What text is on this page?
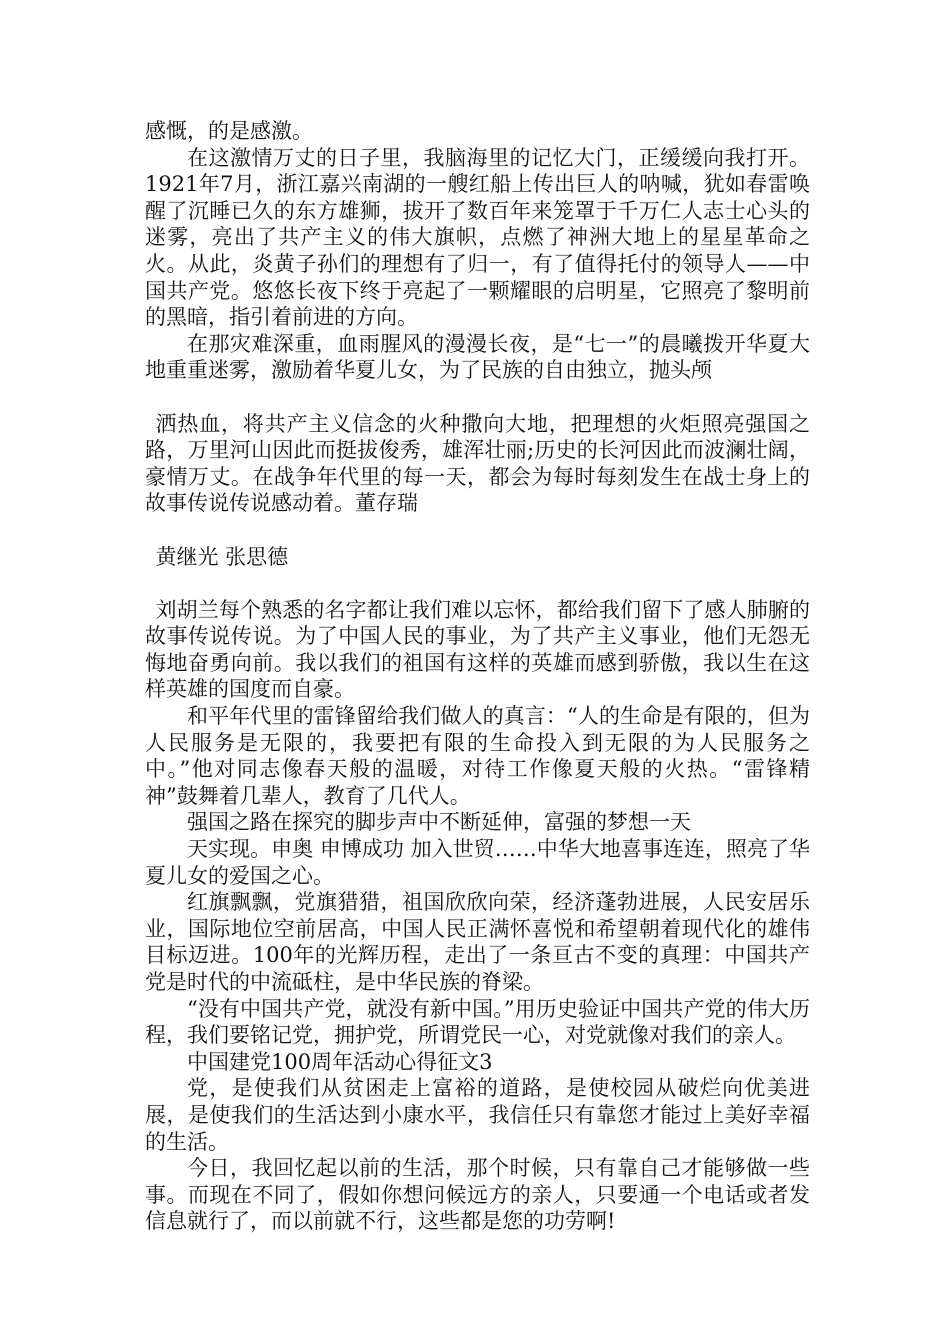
感慨，的是感激。

在这激情万丈的日子里，我脑海里的记忆大门，正缓缓向我打开。1921年7月，浙江嘉兴南湖的一艘红船上传出巨人的呐喊，犹如春雷唤醒了沉睡已久的东方雄狮，拔开了数百年来笼罩于千万仁人志士心头的迷雾，亮出了共产主义的伟大旗帜，点燃了神洲大地上的星星革命之火。从此，炎黄子孙们的理想有了归一，有了值得托付的领导人——中国共产党。悠悠长夜下终于亮起了一颗耀眼的启明星，它照亮了黎明前的黑暗，指引着前进的方向。

在那灾难深重，血雨腥风的漫漫长夜，是“七一”的晨曦拨开华夏大地重重迷雾，激励着华夏儿女，为了民族的自由独立，抛头颅

洒热血，将共产主义信念的火种撒向大地，把理想的火炬照亮强国之路，万里河山因此而挺拔俊秀，雄浑壮丽;历史的长河因此而波澜壮阔，豪情万丈。在战争年代里的每一天，都会为每时每刻发生在战士身上的故事传说传说感动着。董存瑞

黄继光 张思德

刘胡兰每个熟悉的名字都让我们难以忘怀，都给我们留下了感人肺腑的故事传说传说。为了中国人民的事业，为了共产主义事业，他们无怨无悔地奋勇向前。我以我们的祖国有这样的英雄而感到骄傲，我以生在这样英雄的国度而自豪。

和平年代里的雷锋留给我们做人的真言：“人的生命是有限的，但为人民服务是无限的，我要把有限的生命投入到无限的为人民服务之中。”他对同志像春天般的温暖，对待工作像夏天般的火热。“雷锋精神”鼓舞着几辈人，教育了几代人。

强国之路在探究的脚步声中不断延伸，富强的梦想一天

天实现。申奥 申博成功 加入世贸……中华大地喜事连连，照亮了华夏儿女的爱国之心。

红旗飘飘，党旗猎猎，祖国欣欣向荣，经济蓬勃进展，人民安居乐业，国际地位空前居高，中国人民正满怀喜悦和希望朝着现代化的雄伟目标迈进。100年的光辉历程，走出了一条亘古不变的真理：中国共产党是时代的中流砥柱，是中华民族的脊梁。

“没有中国共产党，就没有新中国。”用历史验证中国共产党的伟大历程，我们要铭记党，拥护党，所谓党民一心，对党就像对我们的亲人。

中国建党100周年活动心得征文3

党，是使我们从贫困走上富裕的道路，是使校园从破烂向优美进展，是使我们的生活达到小康水平，我信任只有靠您才能过上美好幸福的生活。

今日，我回忆起以前的生活，那个时候，只有靠自己才能够做一些事。而现在不同了，假如你想问候远方的亲人，只要通一个电话或者发信息就行了，而以前就不行，这些都是您的功劳啊!
